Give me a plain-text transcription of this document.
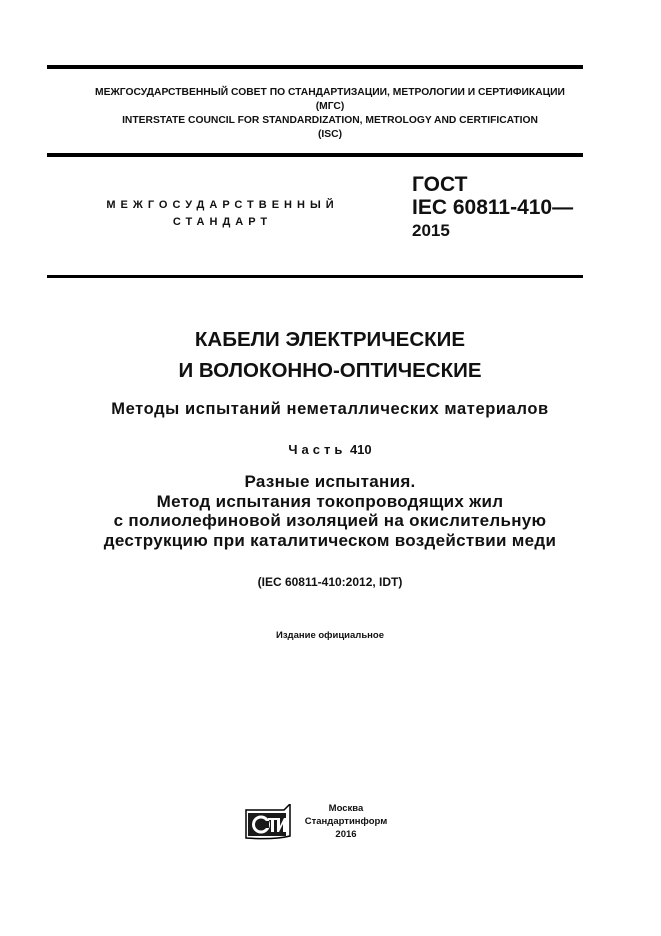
МЕЖГОСУДАРСТВЕННЫЙ СОВЕТ ПО СТАНДАРТИЗАЦИИ, МЕТРОЛОГИИ И СЕРТИФИКАЦИИ
(МГС)
INTERSTATE COUNCIL FOR STANDARDIZATION, METROLOGY AND CERTIFICATION
(ISC)
МЕЖГОСУДАРСТВЕННЫЙ
СТАНДАРТ
ГОСТ
IEC 60811-410—
2015
КАБЕЛИ ЭЛЕКТРИЧЕСКИЕ
И ВОЛОКОННО-ОПТИЧЕСКИЕ
Методы испытаний неметаллических материалов
Часть 410
Разные испытания.
Метод испытания токопроводящих жил
с полиолефиновой изоляцией на окислительную
деструкцию при каталитическом воздействии меди
(IEC 60811-410:2012, IDT)
Издание официальное
Москва
Стандартинформ
2016
